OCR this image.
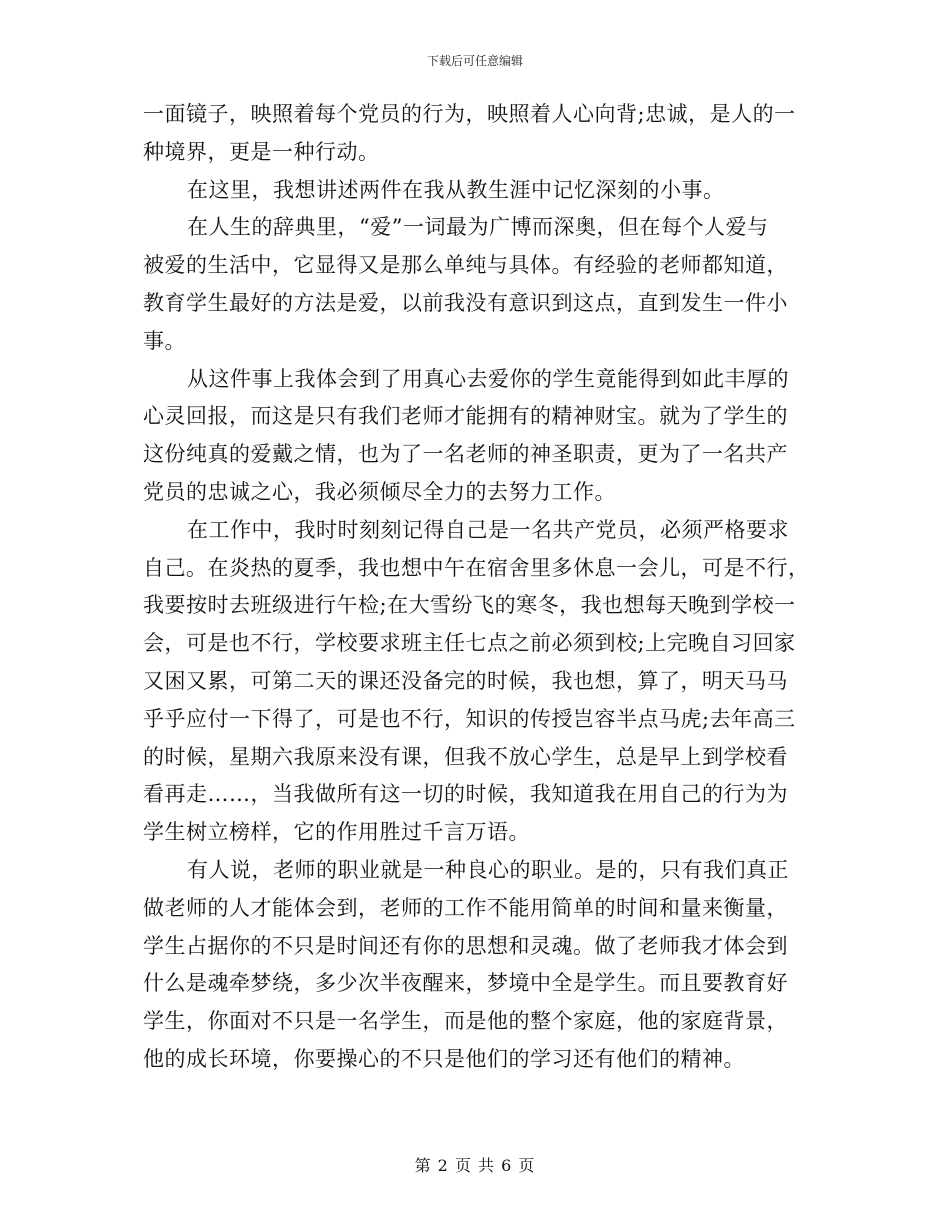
下载后可任意编辑
一面镜子，映照着每个党员的行为，映照着人心向背;忠诚，是人的一
种境界，更是一种行动。
在这里，我想讲述两件在我从教生涯中记忆深刻的小事。
在人生的辞典里，“爱”一词最为广博而深奥，但在每个人爱与
被爱的生活中，它显得又是那么单纯与具体。有经验的老师都知道，
教育学生最好的方法是爱，以前我没有意识到这点，直到发生一件小
事。
从这件事上我体会到了用真心去爱你的学生竟能得到如此丰厚的
心灵回报，而这是只有我们老师才能拥有的精神财宝。就为了学生的
这份纯真的爱戴之情，也为了一名老师的神圣职责，更为了一名共产
党员的忠诚之心，我必须倾尽全力的去努力工作。
在工作中，我时时刻刻记得自己是一名共产党员，必须严格要求
自己。在炎热的夏季，我也想中午在宿舍里多休息一会儿，可是不行，
我要按时去班级进行午检;在大雪纷飞的寒冬，我也想每天晚到学校一
会，可是也不行，学校要求班主任七点之前必须到校;上完晚自习回家
又困又累，可第二天的课还没备完的时候，我也想，算了，明天马马
乎乎应付一下得了，可是也不行，知识的传授岂容半点马虎;去年高三
的时候，星期六我原来没有课，但我不放心学生，总是早上到学校看
看再走……，当我做所有这一切的时候，我知道我在用自己的行为为
学生树立榜样，它的作用胜过千言万语。
有人说，老师的职业就是一种良心的职业。是的，只有我们真正
做老师的人才能体会到，老师的工作不能用简单的时间和量来衡量，
学生占据你的不只是时间还有你的思想和灵魂。做了老师我才体会到
什么是魂牵梦绕，多少次半夜醒来，梦境中全是学生。而且要教育好
学生，你面对不只是一名学生，而是他的整个家庭，他的家庭背景，
他的成长环境，你要操心的不只是他们的学习还有他们的精神。
第 2 页 共 6 页
